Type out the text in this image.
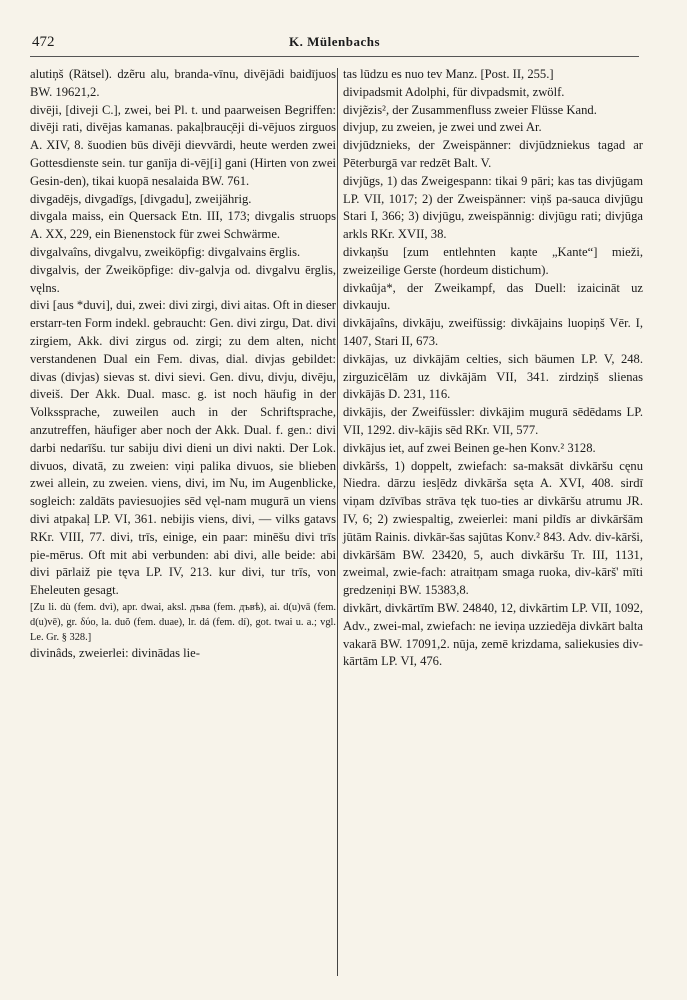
472	K. Mülenbachs

alutiņš (Rätsel). dzẽru alu, branda-vīnu, divējādi baidījuos BW. 19621,2.

divēji, [diveji C.], zwei, bei Pl. t. und paarweisen Begriffen: divēji rati, divējas kamanas. pakaļbrauc̦ēji di-vējuos zirguos A. XIV, 8. šuodien būs divēji dievvārdi, heute werden zwei Gottesdienste sein. tur ganīja di-vēj[i] gani (Hirten von zwei Gesin-den), tikai kuopā nesalaida BW. 761.

divgadējs, divgadīgs, [divgadu], zweijährig.

divgala maiss, ein Quersack Etn. III, 173; divgalis struops A. XX, 229, ein Bienenstock für zwei Schwärme.

divgalvaîns, divgalvu, zweiköpfig: divgalvains ērglis.

divgalvis, der Zweiköpfige: div-galvja od. divgalvu ērglis, vęlns.

divi [aus *duvi], dui, zwei: divi zirgi, divi aitas. Oft in dieser erstarr-ten Form indekl. gebraucht: Gen. divi zirgu, Dat. divi zirgiem, Akk. divi zirgus od. zirgi; zu dem alten, nicht verstandenen Dual ein Fem. divas, dial. divjas gebildet: divas (divjas) sievas st. divi sievi. Gen. divu, divju, divēju, diveiš. Der Akk. Dual. masc. g. ist noch häufig in der Volkssprache, zuweilen auch in der Schriftsprache, anzutreffen, häufiger aber noch der Akk. Dual. f. gen.: divi darbi nedarīšu. tur sabiju divi dieni un divi nakti. Der Lok. divuos, divatā, zu zweien: viņi palika divuos, sie blieben zwei allein, zu zweien. viens, divi, im Nu, im Augenblicke, sogleich: zaldāts paviesuojies sēd vęl-nam mugurā un viens divi atpakaļ LP. VI, 361. nebijis viens, divi, — vilks gatavs RKr. VIII, 77. divi, trīs, einige, ein paar: minēšu divi trīs pie-mērus. Oft mit abi verbunden: abi divi, alle beide: abi divi pārlaiž pie tęva LP. IV, 213. kur divi, tur trīs, von Eheleuten gesagt.

[Zu li. dù (fem. dvì), apr. dwai, aksl. дъва (fem. дъвѣ), ai. d(u)vā (fem. d(u)vē), gr. δύο, la. duŏ (fem. duae), lr. dá (fem. dí), got. twai u. a.; vgl. Le. Gr. § 328.]

divinâds, zweierlei: divinādas lie-

tas lūdzu es nuo tev Manz. [Post. II, 255.]

divipadsmit Adolphi, für divpadsmit, zwölf.

divjẽzis², der Zusammenfluss zweier Flüsse Kand.

divjup, zu zweien, je zwei und zwei Ar.

divjūdznieks, der Zweispänner: divjūdzniekus tagad ar Pēterburgā var redzēt Balt. V.

divjũgs, 1) das Zweigespann: tikai 9 pāri; kas tas divjūgam LP. VII, 1017; 2) der Zweispänner: viņš pa-sauca divjūgu Stari I, 366; 3) divjūgu, zweispännig: divjūgu rati; divjūga arkls RKr. XVII, 38.

divkaņšu [zum entlehnten kaņte „Kante“] mieži, zweizeilige Gerste (hordeum distichum).

divkaûja*, der Zweikampf, das Duell: izaicināt uz divkauju.

divkājaîns, divkāju, zweifüssig: divkājains luopiņš Vēr. I, 1407, Stari II, 673.

divkājas, uz divkājām celties, sich bäumen LP. V, 248. zirguzicēlām uz divkājām VII, 341. zirdziņš slienas divkājās D. 231, 116.

divkājis, der Zweifüssler: divkājim mugurā sēdēdams LP. VII, 1292. div-kājis sēd RKr. VII, 577.

divkājus iet, auf zwei Beinen ge-hen Konv.² 3128.

divkãršs, 1) doppelt, zwiefach: sa-maksāt divkāršu cęnu Niedra. dārzu iesļēdz divkārša sęta A. XVI, 408. sirdī viņam dzīvības strāva tęk tuo-ties ar divkāršu atrumu JR. IV, 6; 2) zwiespaltig, zweierlei: mani pildīs ar divkāršām jūtām Rainis. divkār-šas sajūtas Konv.² 843. Adv. div-kārši, divkāršām BW. 23420, 5, auch divkāršu Tr. III, 1131, zweimal, zwie-fach: atraitņam smaga ruoka, div-kārš' mīti gredzeniņi BW. 15383,8.

divkãrt, divkārtīm BW. 24840, 12, divkārtim LP. VII, 1092, Adv., zwei-mal, zwiefach: ne ieviņa uzziedēja divkārt balta vakarā BW. 17091,2. nūja, zemē krizdama, saliekusies div-kārtām LP. VI, 476.
